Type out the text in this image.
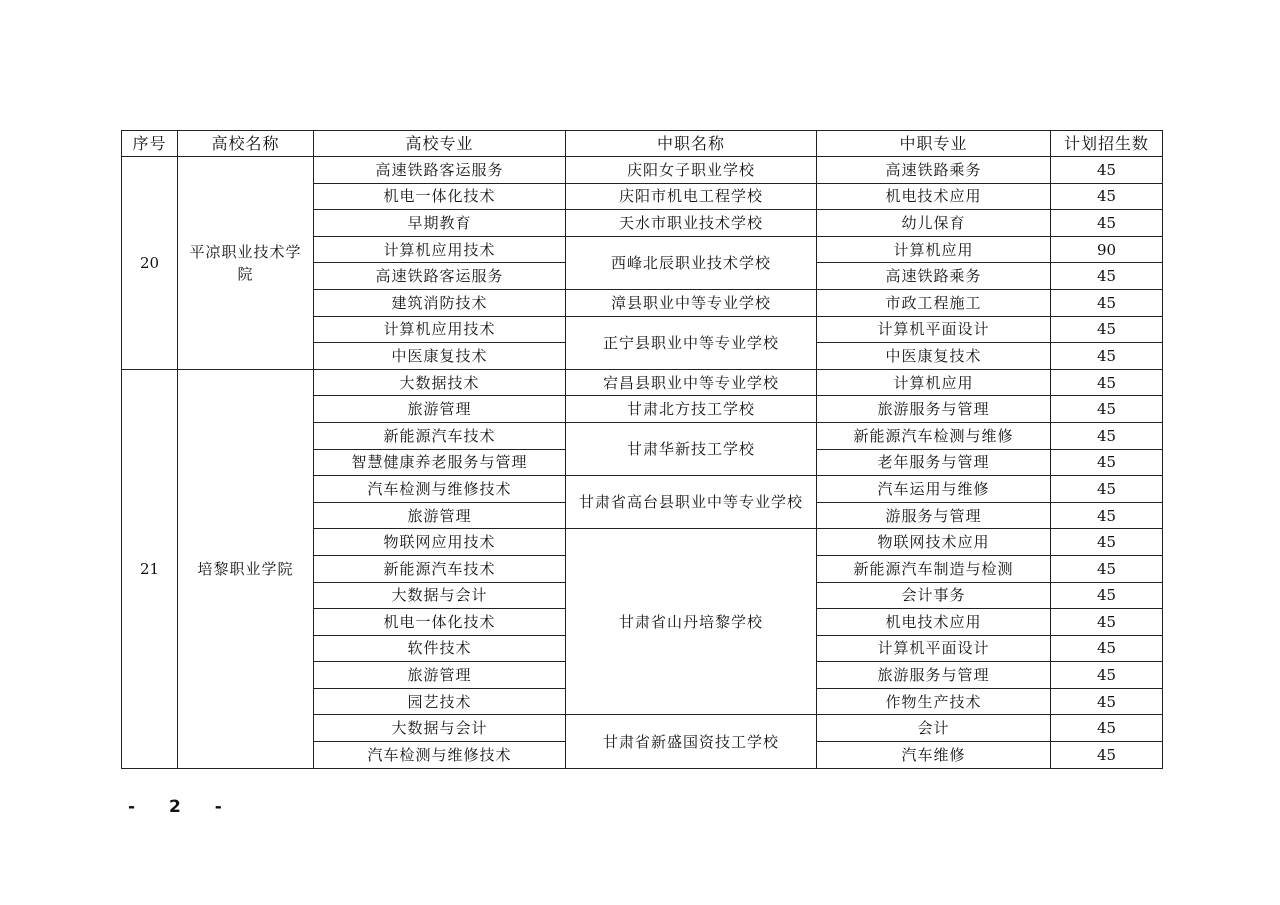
序号	高校名称	高校专业	中职名称	中职专业	计划招生数
20	平凉职业技术学院	高速铁路客运服务	庆阳女子职业学校	高速铁路乘务	45
		机电一体化技术	庆阳市机电工程学校	机电技术应用	45
		早期教育	天水市职业技术学校	幼儿保育	45
		计算机应用技术	西峰北辰职业技术学校	计算机应用	90
		高速铁路客运服务		高速铁路乘务	45
		建筑消防技术	漳县职业中等专业学校	市政工程施工	45
		计算机应用技术	正宁县职业中等专业学校	计算机平面设计	45
		中医康复技术		中医康复技术	45
21	培黎职业学院	大数据技术	宕昌县职业中等专业学校	计算机应用	45
		旅游管理	甘肃北方技工学校	旅游服务与管理	45
		新能源汽车技术	甘肃华新技工学校	新能源汽车检测与维修	45
		智慧健康养老服务与管理		老年服务与管理	45
		汽车检测与维修技术	甘肃省高台县职业中等专业学校	汽车运用与维修	45
		旅游管理		游服务与管理	45
		物联网应用技术	甘肃省山丹培黎学校	物联网技术应用	45
		新能源汽车技术		新能源汽车制造与检测	45
		大数据与会计		会计事务	45
		机电一体化技术		机电技术应用	45
		软件技术		计算机平面设计	45
		旅游管理		旅游服务与管理	45
		园艺技术		作物生产技术	45
		大数据与会计	甘肃省新盛国资技工学校	会计	45
		汽车检测与维修技术		汽车维修	45
- 2 -
